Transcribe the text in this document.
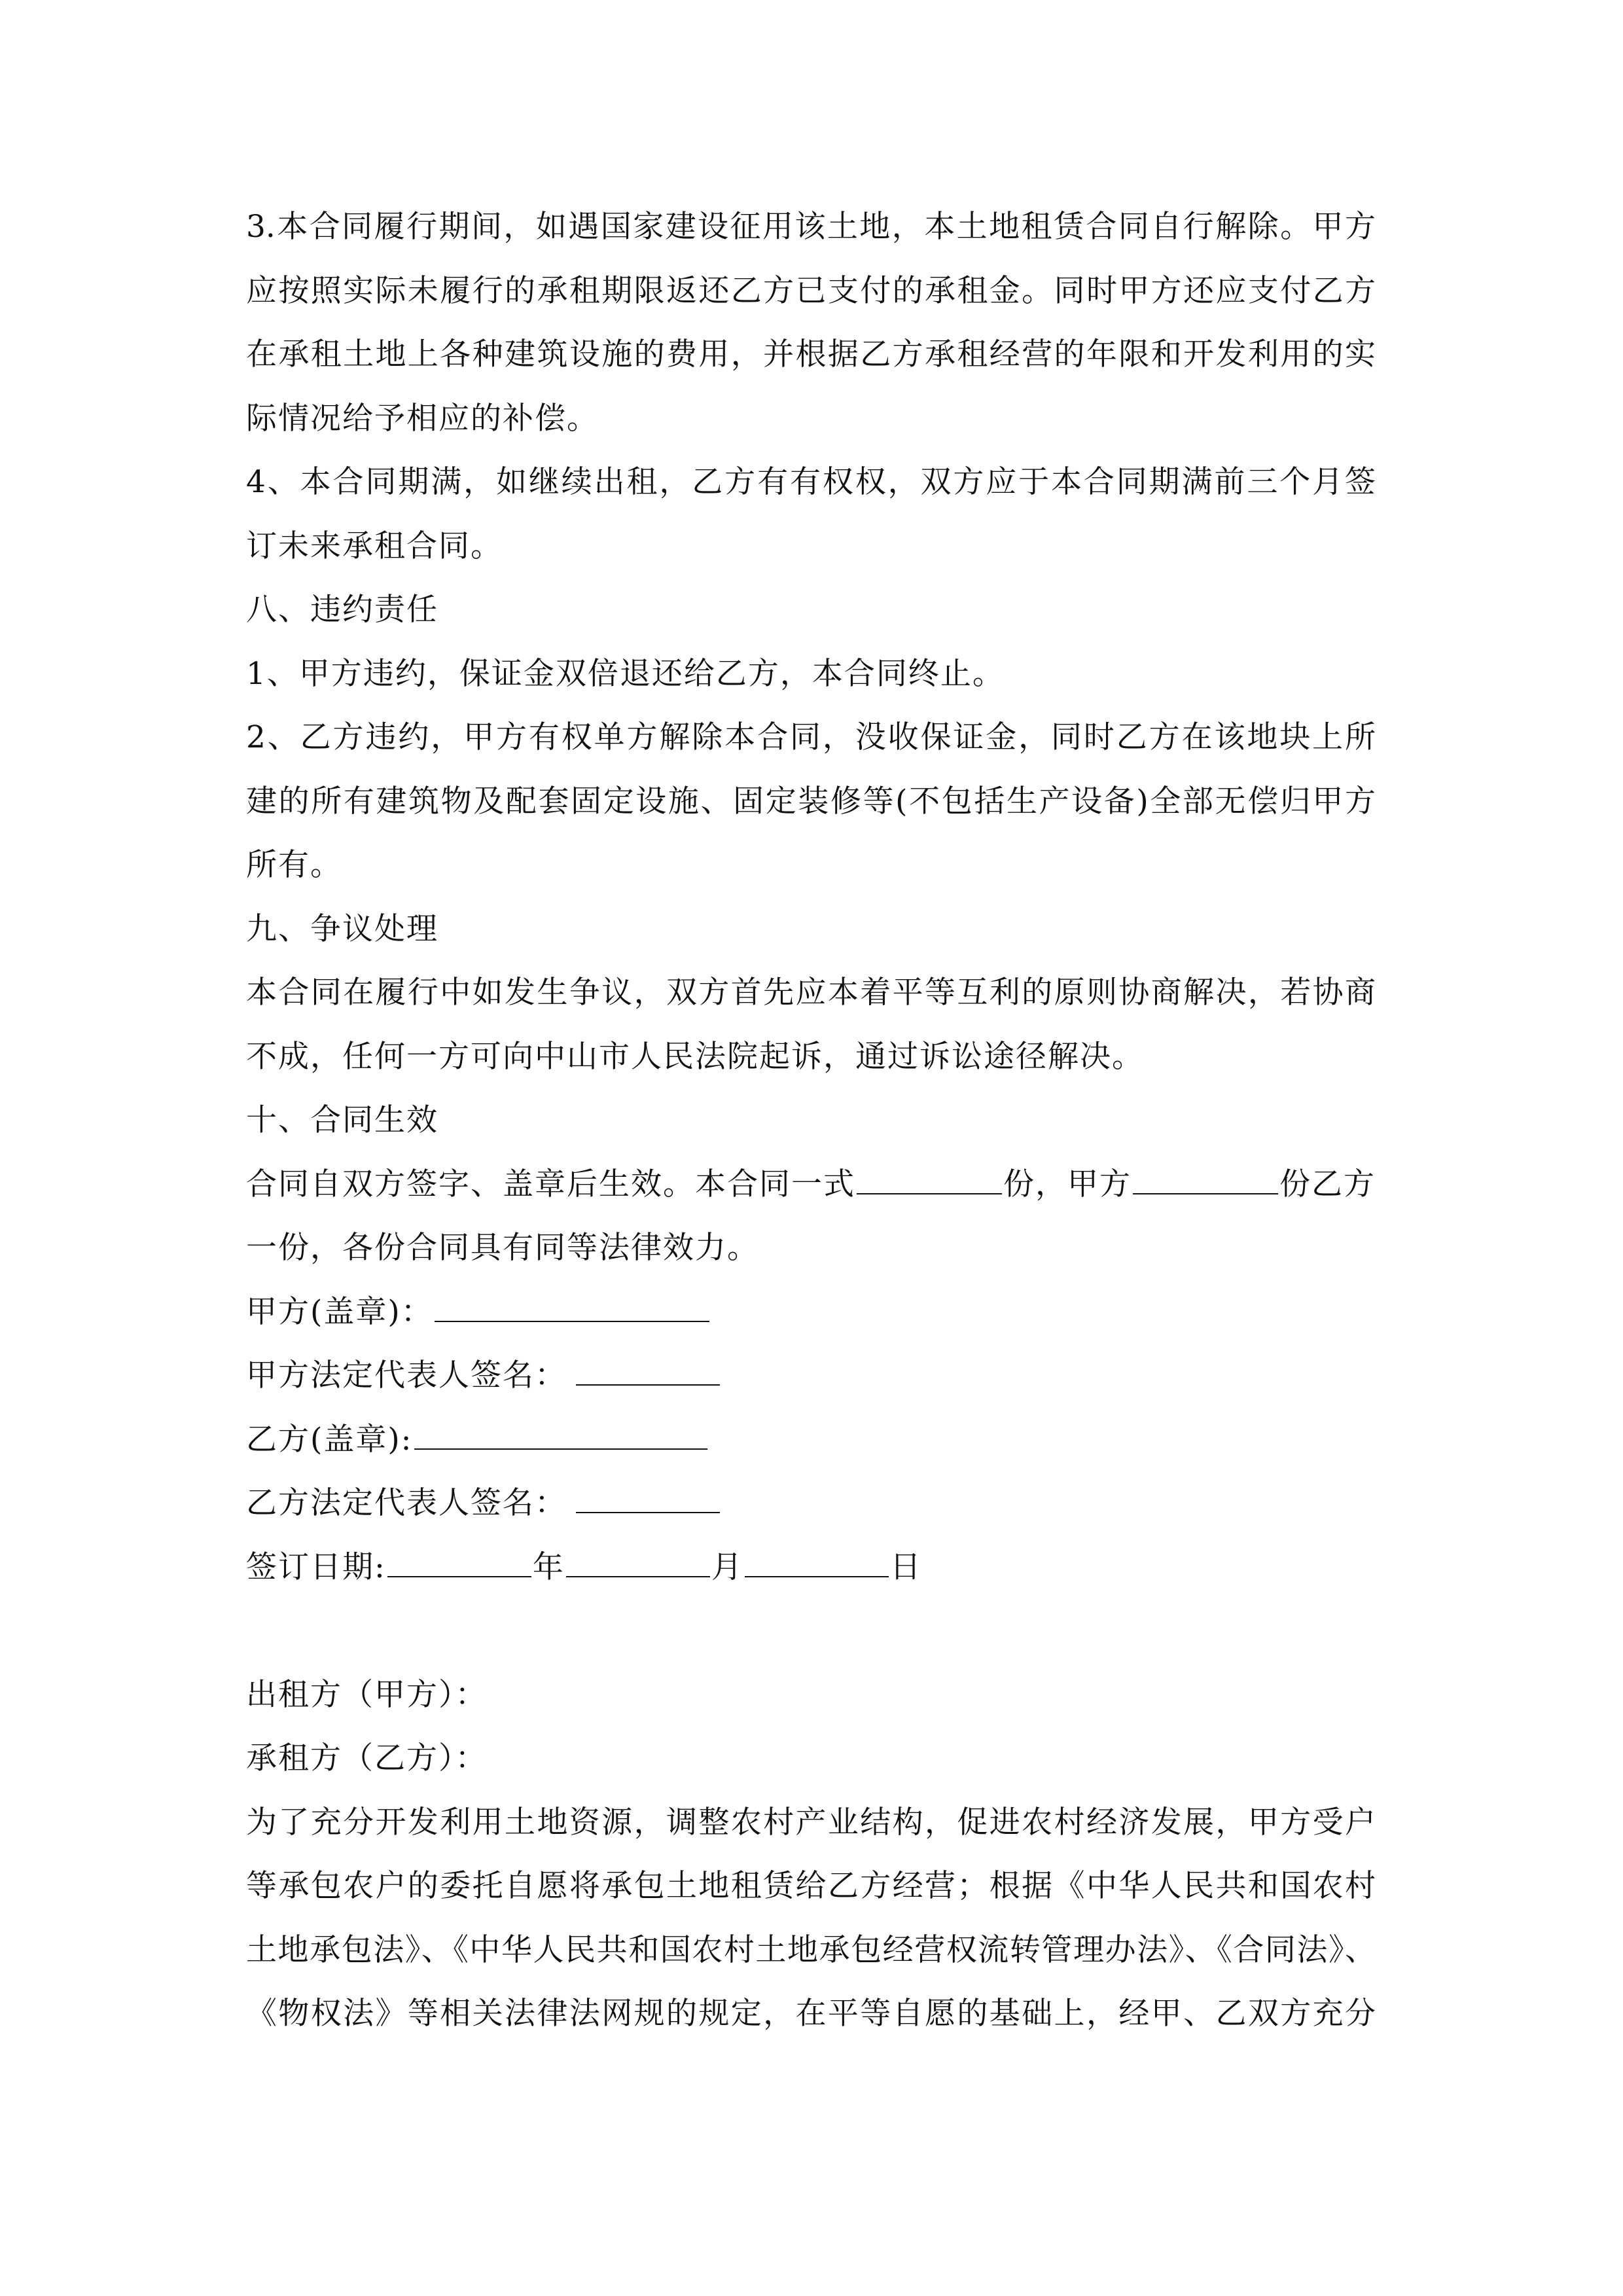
3.本合同履行期间，如遇国家建设征用该土地，本土地租赁合同自行解除。甲方
应按照实际未履行的承租期限返还乙方已支付的承租金。同时甲方还应支付乙方
在承租土地上各种建筑设施的费用，并根据乙方承租经营的年限和开发利用的实
际情况给予相应的补偿。
4、本合同期满，如继续出租，乙方有有权权，双方应于本合同期满前三个月签
订未来承租合同。
八、违约责任
1、甲方违约，保证金双倍退还给乙方，本合同终止。
2、乙方违约，甲方有权单方解除本合同，没收保证金，同时乙方在该地块上所
建的所有建筑物及配套固定设施、固定装修等(不包括生产设备)全部无偿归甲方
所有。
九、争议处理
本合同在履行中如发生争议，双方首先应本着平等互利的原则协商解决，若协商
不成，任何一方可向中山市人民法院起诉，通过诉讼途径解决。
十、合同生效
合同自双方签字、盖章后生效。本合同一式	份，甲方	份乙方
一份，各份合同具有同等法律效力。
甲方(盖章)：
甲方法定代表人签名：
乙方(盖章):
乙方法定代表人签名：
签订日期:	年	月	日
出租方（甲方）：
承租方（乙方）：
为了充分开发利用土地资源，调整农村产业结构，促进农村经济发展，甲方受户
等承包农户的委托自愿将承包土地租赁给乙方经营；根据《中华人民共和国农村
土地承包法》、《中华人民共和国农村土地承包经营权流转管理办法》、《合同法》、
《物权法》等相关法律法网规的规定，在平等自愿的基础上，经甲、乙双方充分
